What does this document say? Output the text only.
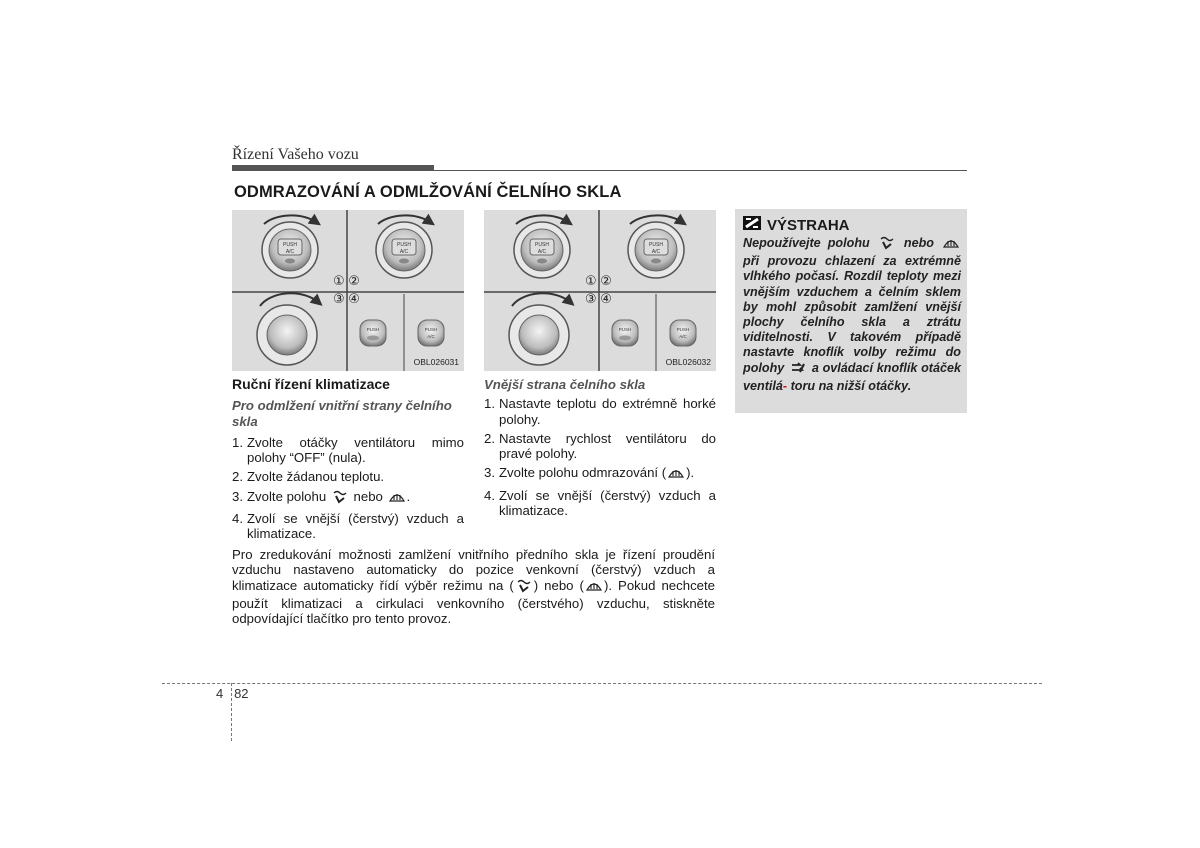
Řízení Vašeho vozu
ODMRAZOVÁNÍ A ODMLŽOVÁNÍ ČELNÍHO SKLA
PUSH
A/C
PUSH
A/C
PUSH	PUSH
A/C
① ②
③ ④
OBL026031
PUSH
A/C
PUSH
A/C
PUSH	PUSH
A/C
① ②
③ ④
OBL026032
Ruční řízení klimatizace
Pro odmlžení vnitřní strany čelního skla
1. Zvolte otáčky ventilátoru mimo polohy “OFF” (nula).
2. Zvolte žádanou teplotu.
3. Zvolte polohu nebo .
4. Zvolí se vnější (čerstvý) vzduch a klimatizace.
Vnější strana čelního skla
1. Nastavte teplotu do extrémně horké polohy.
2. Nastavte rychlost ventilátoru do pravé polohy.
3. Zvolte polohu odmrazování ( ).
4. Zvolí se vnější (čerstvý) vzduch a klimatizace.
Pro zredukování možnosti zamlžení vnitřního předního skla je řízení proudění vzduchu nastaveno automaticky do pozice venkovní (čerstvý) vzduch a klimatizace automaticky řídí výběr režimu na ( ) nebo ( ). Pokud nechcete použít klimatizaci a cirkulaci venkovního (čerstvého) vzduchu, stiskněte odpovídající tlačítko pro tento provoz.
VÝSTRAHA
Nepoužívejte polohu	nebo  při provozu chlazení za extrémně vlhkého počasí. Rozdíl teploty mezi vnějším vzduchem a čelním sklem by mohl způsobit zamlžení vnější plochy čelního skla a ztrátu viditelnosti. V takovém případě nastavte knoflík volby režimu do polohy a ovládací knoflík otáček ventilá- toru na nižší otáčky.
4 82
